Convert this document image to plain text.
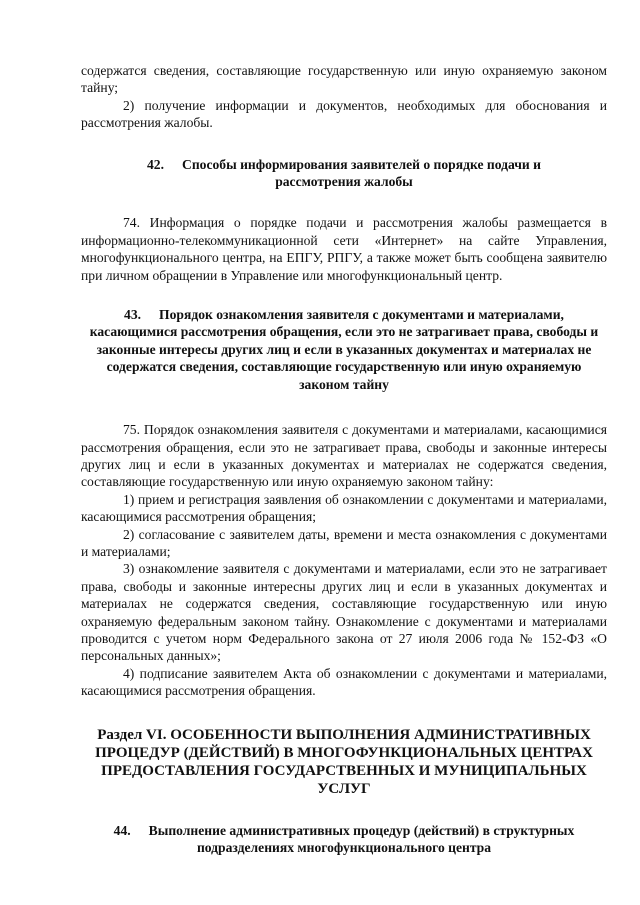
содержатся сведения, составляющие государственную или иную охраняемую законом тайну;

2) получение информации и документов, необходимых для обоснования и рассмотрения жалобы.

42. Способы информирования заявителей о порядке подачи и рассмотрения жалобы

74. Информация о порядке подачи и рассмотрения жалобы размещается в информационно-телекоммуникационной сети «Интернет» на сайте Управления, многофункционального центра, на ЕПГУ, РПГУ, а также может быть сообщена заявителю при личном обращении в Управление или многофункциональный центр.

43. Порядок ознакомления заявителя с документами и материалами, касающимися рассмотрения обращения, если это не затрагивает права, свободы и законные интересы других лиц и если в указанных документах и материалах не содержатся сведения, составляющие государственную или иную охраняемую законом тайну

75. Порядок ознакомления заявителя с документами и материалами, касающимися рассмотрения обращения, если это не затрагивает права, свободы и законные интересы других лиц и если в указанных документах и материалах не содержатся сведения, составляющие государственную или иную охраняемую законом тайну:

1) прием и регистрация заявления об ознакомлении с документами и материалами, касающимися рассмотрения обращения;

2) согласование с заявителем даты, времени и места ознакомления с документами и материалами;

3) ознакомление заявителя с документами и материалами, если это не затрагивает права, свободы и законные интересны других лиц и если в указанных документах и материалах не содержатся сведения, составляющие государственную или иную охраняемую федеральным законом тайну. Ознакомление с документами и материалами проводится с учетом норм Федерального закона от 27 июля 2006 года № 152-ФЗ «О персональных данных»;

4) подписание заявителем Акта об ознакомлении с документами и материалами, касающимися рассмотрения обращения.

Раздел VI. ОСОБЕННОСТИ ВЫПОЛНЕНИЯ АДМИНИСТРАТИВНЫХ ПРОЦЕДУР (ДЕЙСТВИЙ) В МНОГОФУНКЦИОНАЛЬНЫХ ЦЕНТРАХ ПРЕДОСТАВЛЕНИЯ ГОСУДАРСТВЕННЫХ И МУНИЦИПАЛЬНЫХ УСЛУГ

44. Выполнение административных процедур (действий) в структурных подразделениях многофункционального центра
